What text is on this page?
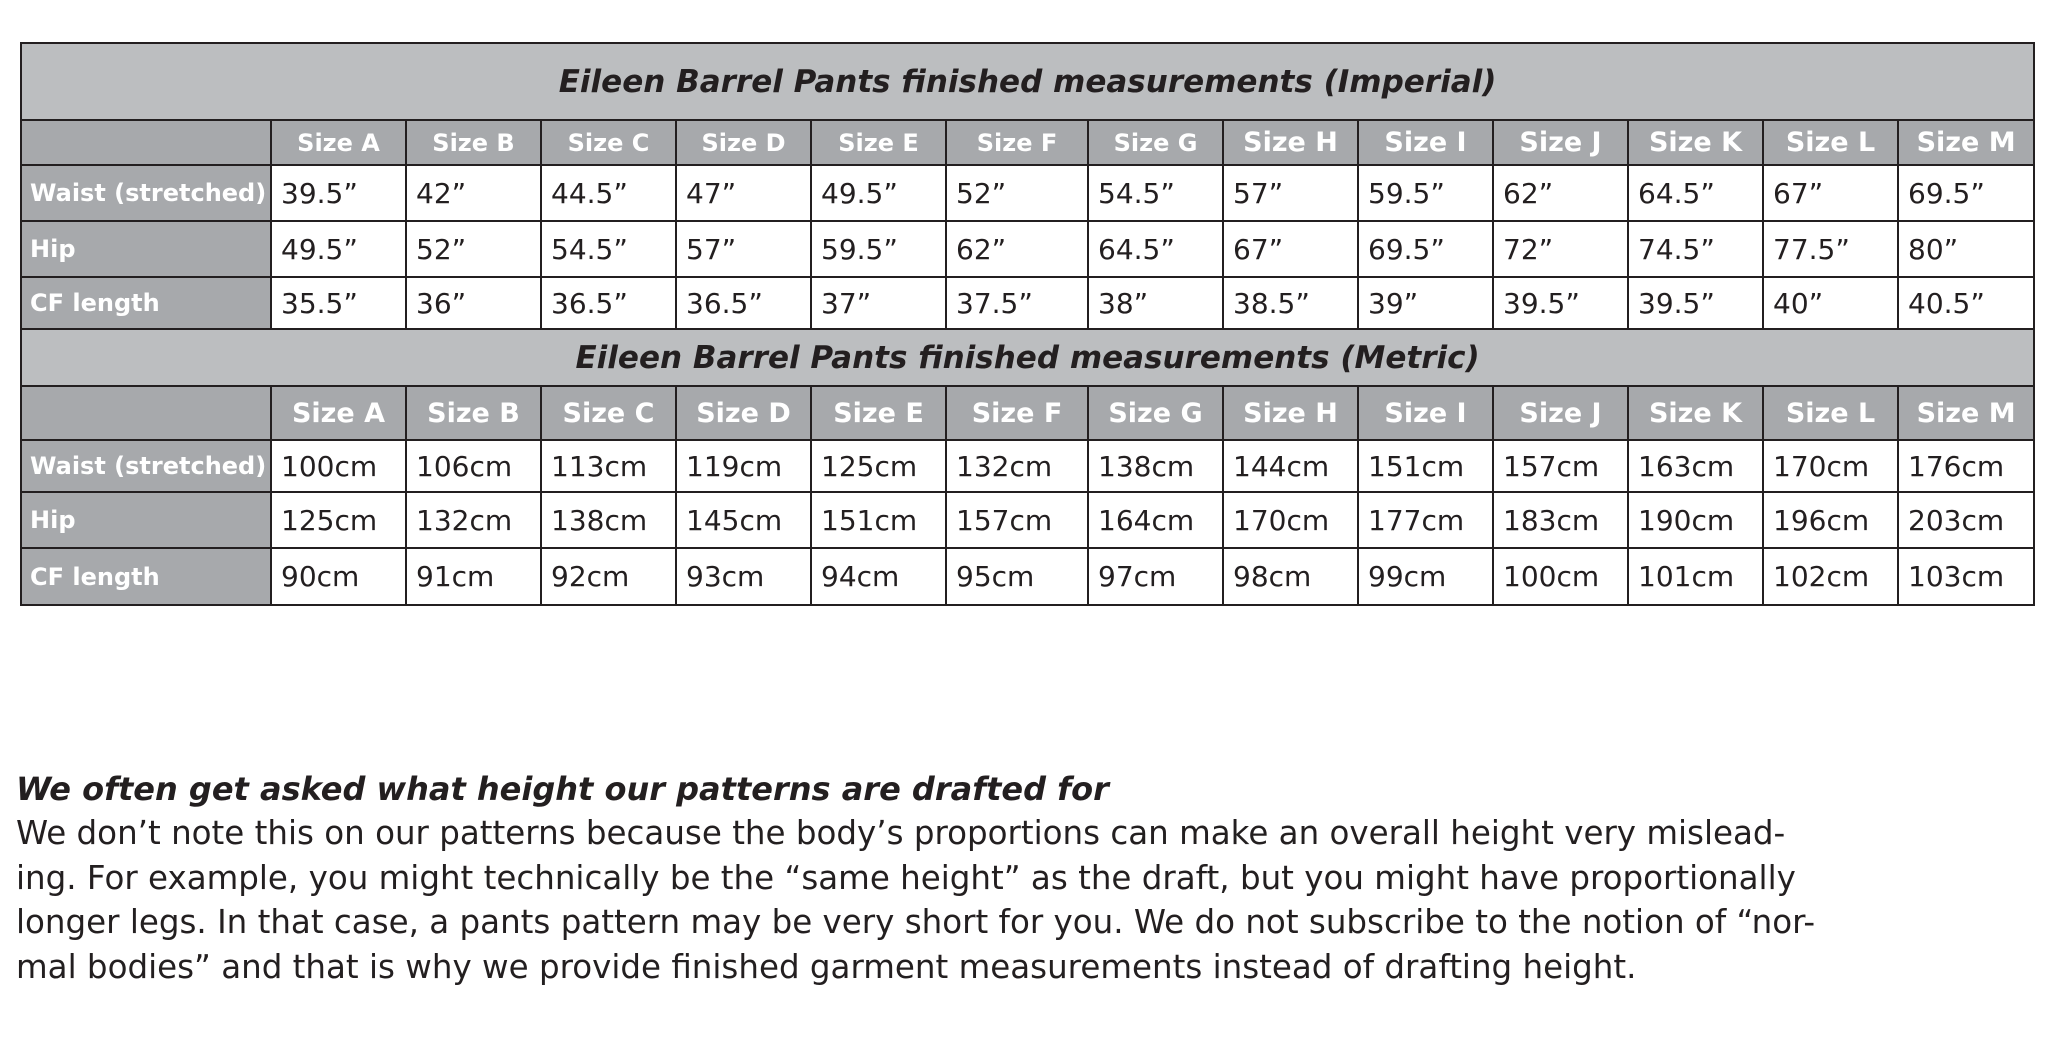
Eileen Barrel Pants finished measurements (Imperial)													
	Size A	Size B	Size C	Size D	Size E	Size F	Size G	Size H	Size I	Size J	Size K	Size L	Size M
Waist (stretched)	39.5”	42”	44.5”	47”	49.5”	52”	54.5”	57”	59.5”	62”	64.5”	67”	69.5”
Hip	49.5”	52”	54.5”	57”	59.5”	62”	64.5”	67”	69.5”	72”	74.5”	77.5”	80”
CF length	35.5”	36”	36.5”	36.5”	37”	37.5”	38”	38.5”	39”	39.5”	39.5”	40”	40.5”
Eileen Barrel Pants finished measurements (Metric)													
	Size A	Size B	Size C	Size D	Size E	Size F	Size G	Size H	Size I	Size J	Size K	Size L	Size M
Waist (stretched)	100cm	106cm	113cm	119cm	125cm	132cm	138cm	144cm	151cm	157cm	163cm	170cm	176cm
Hip	125cm	132cm	138cm	145cm	151cm	157cm	164cm	170cm	177cm	183cm	190cm	196cm	203cm
CF length	90cm	91cm	92cm	93cm	94cm	95cm	97cm	98cm	99cm	100cm	101cm	102cm	103cm

We often get asked what height our patterns are drafted for

We don’t note this on our patterns because the body’s proportions can make an overall height very mislead-

ing. For example, you might technically be the “same height” as the draft, but you might have proportionally

longer legs. In that case, a pants pattern may be very short for you. We do not subscribe to the notion of “nor-

mal bodies” and that is why we provide finished garment measurements instead of drafting height.
